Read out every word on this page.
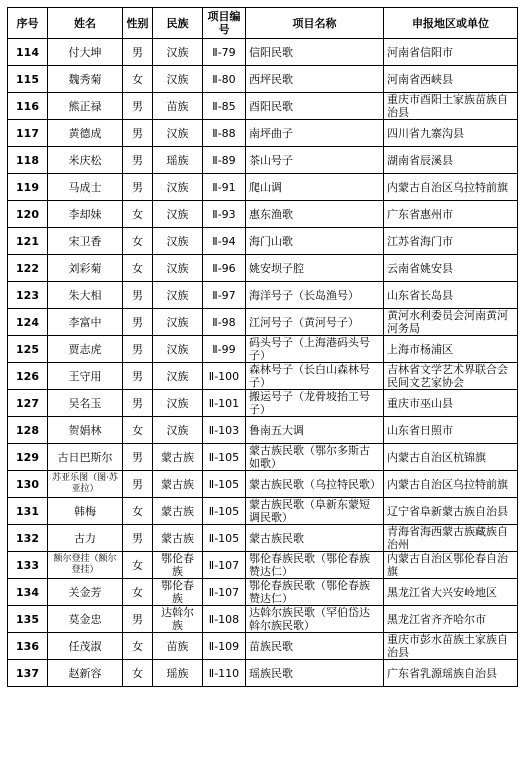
序号	姓名	性别	民族	项目编号	项目名称	申报地区或单位
114	付大坤	男	汉族	Ⅱ-79	信阳民歌	河南省信阳市
115	魏秀菊	女	汉族	Ⅱ-80	西坪民歌	河南省西峡县
116	熊正禄	男	苗族	Ⅱ-85	酉阳民歌	重庆市酉阳土家族苗族自治县
117	黄德成	男	汉族	Ⅱ-88	南坪曲子	四川省九寨沟县
118	米庆松	男	瑶族	Ⅱ-89	茶山号子	湖南省辰溪县
119	马成士	男	汉族	Ⅱ-91	爬山调	内蒙古自治区乌拉特前旗
120	李却妹	女	汉族	Ⅱ-93	惠东渔歌	广东省惠州市
121	宋卫香	女	汉族	Ⅱ-94	海门山歌	江苏省海门市
122	刘彩菊	女	汉族	Ⅱ-96	姚安坝子腔	云南省姚安县
123	朱大相	男	汉族	Ⅱ-97	海洋号子（长岛渔号）	山东省长岛县
124	李富中	男	汉族	Ⅱ-98	江河号子（黄河号子）	黄河水利委员会河南黄河河务局
125	贾志虎	男	汉族	Ⅱ-99	码头号子（上海港码头号子）	上海市杨浦区
126	王守用	男	汉族	Ⅱ-100	森林号子（长白山森林号子）	吉林省文学艺术界联合会民间文艺家协会
127	吴名玉	男	汉族	Ⅱ-101	搬运号子（龙骨坡抬工号子）	重庆市巫山县
128	贺娟林	女	汉族	Ⅱ-103	鲁南五大调	山东省日照市
129	古日巴斯尔	男	蒙古族	Ⅱ-105	蒙古族民歌（鄂尔多斯古如歌）	内蒙古自治区杭锦旗
130	苏亚乐图（图·苏亚拉）	男	蒙古族	Ⅱ-105	蒙古族民歌（乌拉特民歌）	内蒙古自治区乌拉特前旗
131	韩梅	女	蒙古族	Ⅱ-105	蒙古族民歌（阜新东蒙短调民歌）	辽宁省阜新蒙古族自治县
132	古力	男	蒙古族	Ⅱ-105	蒙古族民歌	青海省海西蒙古族藏族自治州
133	额尔登挂（额尔登挂）	女	鄂伦春族	Ⅱ-107	鄂伦春族民歌（鄂伦春族赞达仁）	内蒙古自治区鄂伦春自治旗
134	关金芳	女	鄂伦春族	Ⅱ-107	鄂伦春族民歌（鄂伦春族赞达仁）	黑龙江省大兴安岭地区
135	莫金忠	男	达斡尔族	Ⅱ-108	达斡尔族民歌（罕伯岱达斡尔族民歌）	黑龙江省齐齐哈尔市
136	任茂淑	女	苗族	Ⅱ-109	苗族民歌	重庆市彭水苗族土家族自治县
137	赵新容	女	瑶族	Ⅱ-110	瑶族民歌	广东省乳源瑶族自治县
